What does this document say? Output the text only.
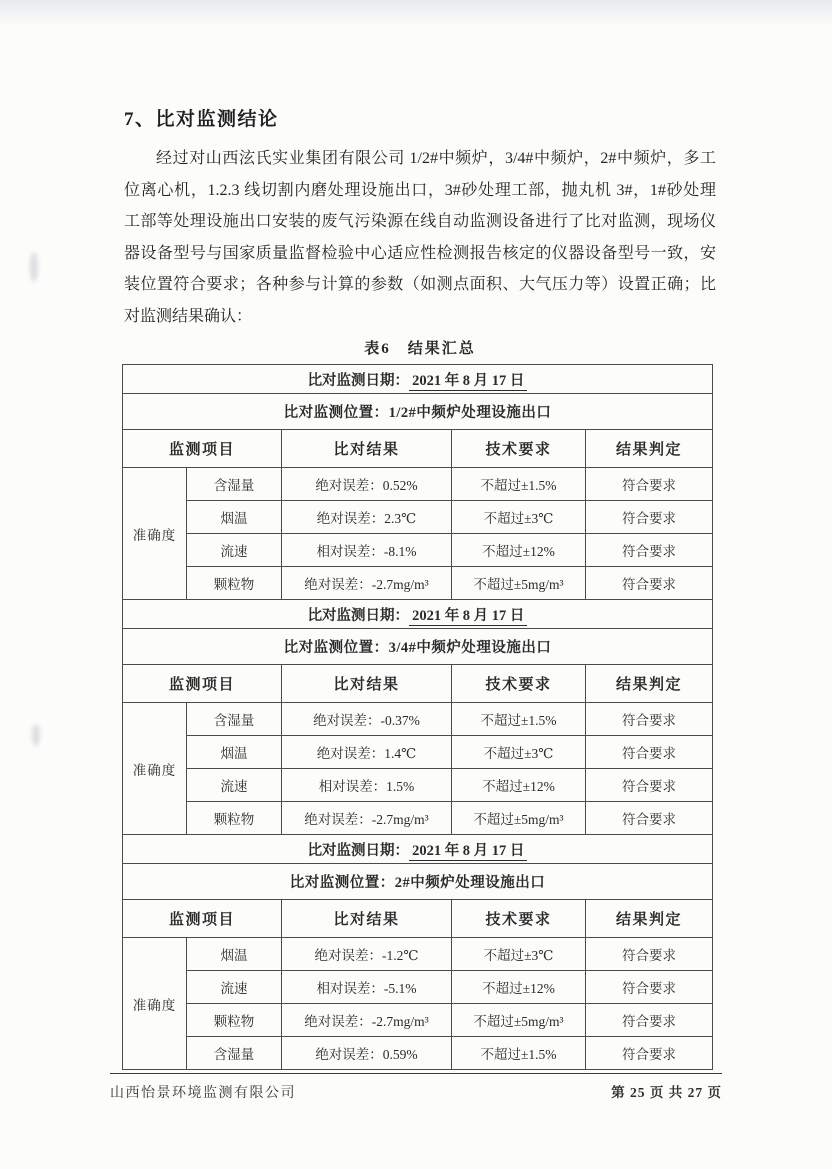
7、比对监测结论
经过对山西泫氏实业集团有限公司 1/2#中频炉，3/4#中频炉，2#中频炉，多工
位离心机，1.2.3 线切割内磨处理设施出口，3#砂处理工部，抛丸机 3#，1#砂处理
工部等处理设施出口安装的废气污染源在线自动监测设备进行了比对监测，现场仪
器设备型号与国家质量监督检验中心适应性检测报告核定的仪器设备型号一致，安
装位置符合要求；各种参与计算的参数（如测点面积、大气压力等）设置正确；比
对监测结果确认：
表6　结果汇总
比对监测日期： 2021 年 8 月 17 日				
比对监测位置：1/2#中频炉处理设施出口				
监测项目		比对结果	技术要求	结果判定
准确度	含湿量	绝对误差：0.52%	不超过±1.5%	符合要求
	烟温	绝对误差：2.3℃	不超过±3℃	符合要求
	流速	相对误差：-8.1%	不超过±12%	符合要求
	颗粒物	绝对误差：-2.7mg/m³	不超过±5mg/m³	符合要求
比对监测日期： 2021 年 8 月 17 日				
比对监测位置：3/4#中频炉处理设施出口				
监测项目		比对结果	技术要求	结果判定
准确度	含湿量	绝对误差：-0.37%	不超过±1.5%	符合要求
	烟温	绝对误差：1.4℃	不超过±3℃	符合要求
	流速	相对误差：1.5%	不超过±12%	符合要求
	颗粒物	绝对误差：-2.7mg/m³	不超过±5mg/m³	符合要求
比对监测日期： 2021 年 8 月 17 日				
比对监测位置：2#中频炉处理设施出口				
监测项目		比对结果	技术要求	结果判定
准确度	烟温	绝对误差：-1.2℃	不超过±3℃	符合要求
	流速	相对误差：-5.1%	不超过±12%	符合要求
	颗粒物	绝对误差：-2.7mg/m³	不超过±5mg/m³	符合要求
	含湿量	绝对误差：0.59%	不超过±1.5%	符合要求
山西怡景环境监测有限公司	第 25 页 共 27 页
